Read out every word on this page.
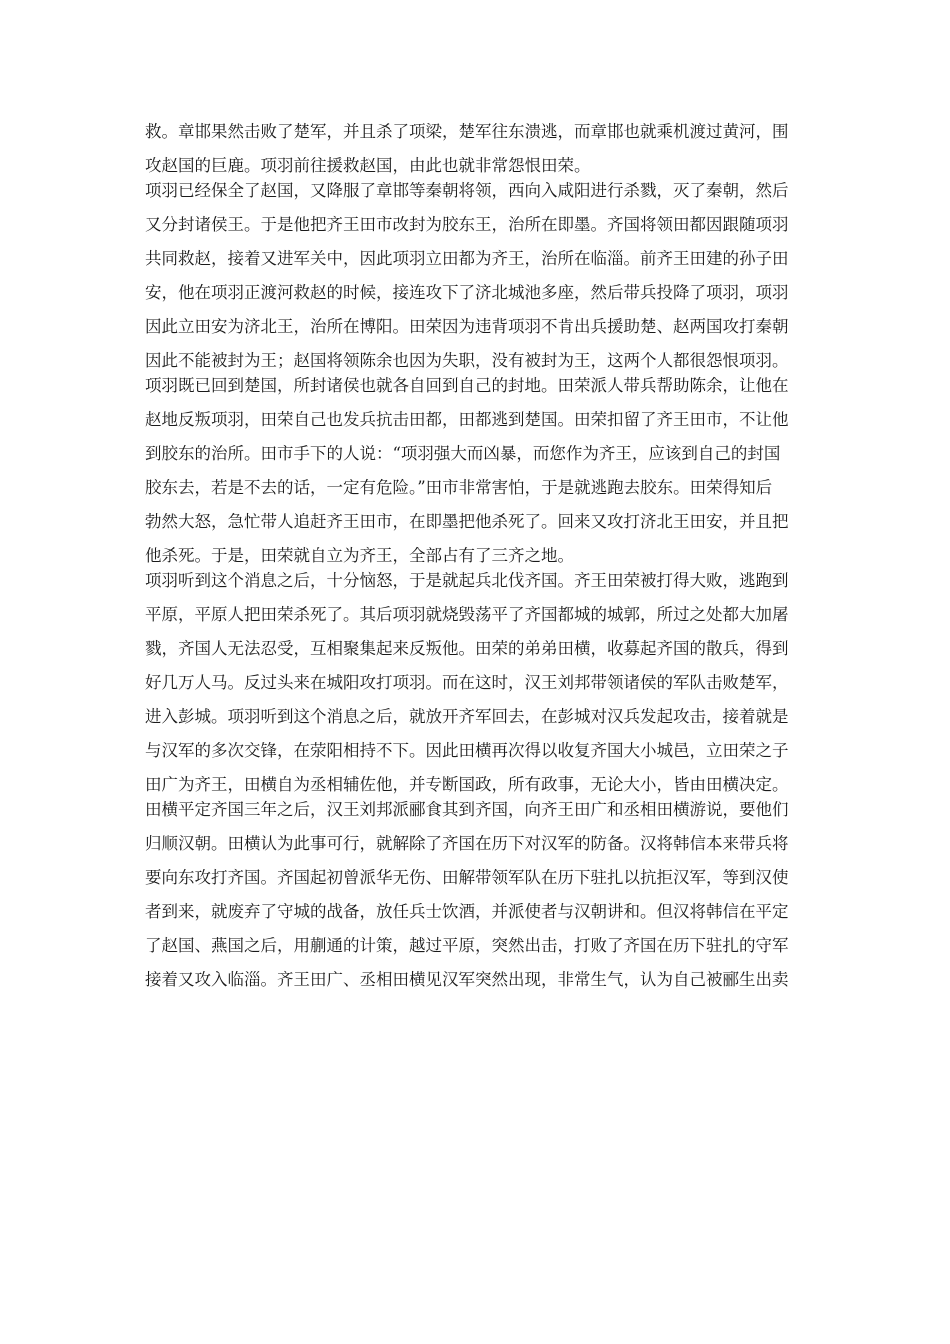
救。章邯果然击败了楚军，并且杀了项梁，楚军往东溃逃，而章邯也就乘机渡过黄河，围
攻赵国的巨鹿。项羽前往援救赵国，由此也就非常怨恨田荣。
项羽已经保全了赵国，又降服了章邯等秦朝将领，西向入咸阳进行杀戮，灭了秦朝，然后
又分封诸侯王。于是他把齐王田市改封为胶东王，治所在即墨。齐国将领田都因跟随项羽
共同救赵，接着又进军关中，因此项羽立田都为齐王，治所在临淄。前齐王田建的孙子田
安，他在项羽正渡河救赵的时候，接连攻下了济北城池多座，然后带兵投降了项羽，项羽
因此立田安为济北王，治所在博阳。田荣因为违背项羽不肯出兵援助楚、赵两国攻打秦朝
因此不能被封为王；赵国将领陈余也因为失职，没有被封为王，这两个人都很怨恨项羽。
项羽既已回到楚国，所封诸侯也就各自回到自己的封地。田荣派人带兵帮助陈余，让他在
赵地反叛项羽，田荣自己也发兵抗击田都，田都逃到楚国。田荣扣留了齐王田市，不让他
到胶东的治所。田市手下的人说：“项羽强大而凶暴，而您作为齐王，应该到自己的封国
胶东去，若是不去的话，一定有危险。”田市非常害怕，于是就逃跑去胶东。田荣得知后
勃然大怒，急忙带人追赶齐王田市，在即墨把他杀死了。回来又攻打济北王田安，并且把
他杀死。于是，田荣就自立为齐王，全部占有了三齐之地。
项羽听到这个消息之后，十分恼怒，于是就起兵北伐齐国。齐王田荣被打得大败，逃跑到
平原，平原人把田荣杀死了。其后项羽就烧毁荡平了齐国都城的城郭，所过之处都大加屠
戮，齐国人无法忍受，互相聚集起来反叛他。田荣的弟弟田横，收募起齐国的散兵，得到
好几万人马。反过头来在城阳攻打项羽。而在这时，汉王刘邦带领诸侯的军队击败楚军，
进入彭城。项羽听到这个消息之后，就放开齐军回去，在彭城对汉兵发起攻击，接着就是
与汉军的多次交锋，在荥阳相持不下。因此田横再次得以收复齐国大小城邑，立田荣之子
田广为齐王，田横自为丞相辅佐他，并专断国政，所有政事，无论大小，皆由田横决定。
田横平定齐国三年之后，汉王刘邦派郦食其到齐国，向齐王田广和丞相田横游说，要他们
归顺汉朝。田横认为此事可行，就解除了齐国在历下对汉军的防备。汉将韩信本来带兵将
要向东攻打齐国。齐国起初曾派华无伤、田解带领军队在历下驻扎以抗拒汉军，等到汉使
者到来，就废弃了守城的战备，放任兵士饮酒，并派使者与汉朝讲和。但汉将韩信在平定
了赵国、燕国之后，用蒯通的计策，越过平原，突然出击，打败了齐国在历下驻扎的守军
接着又攻入临淄。齐王田广、丞相田横见汉军突然出现，非常生气，认为自己被郦生出卖
